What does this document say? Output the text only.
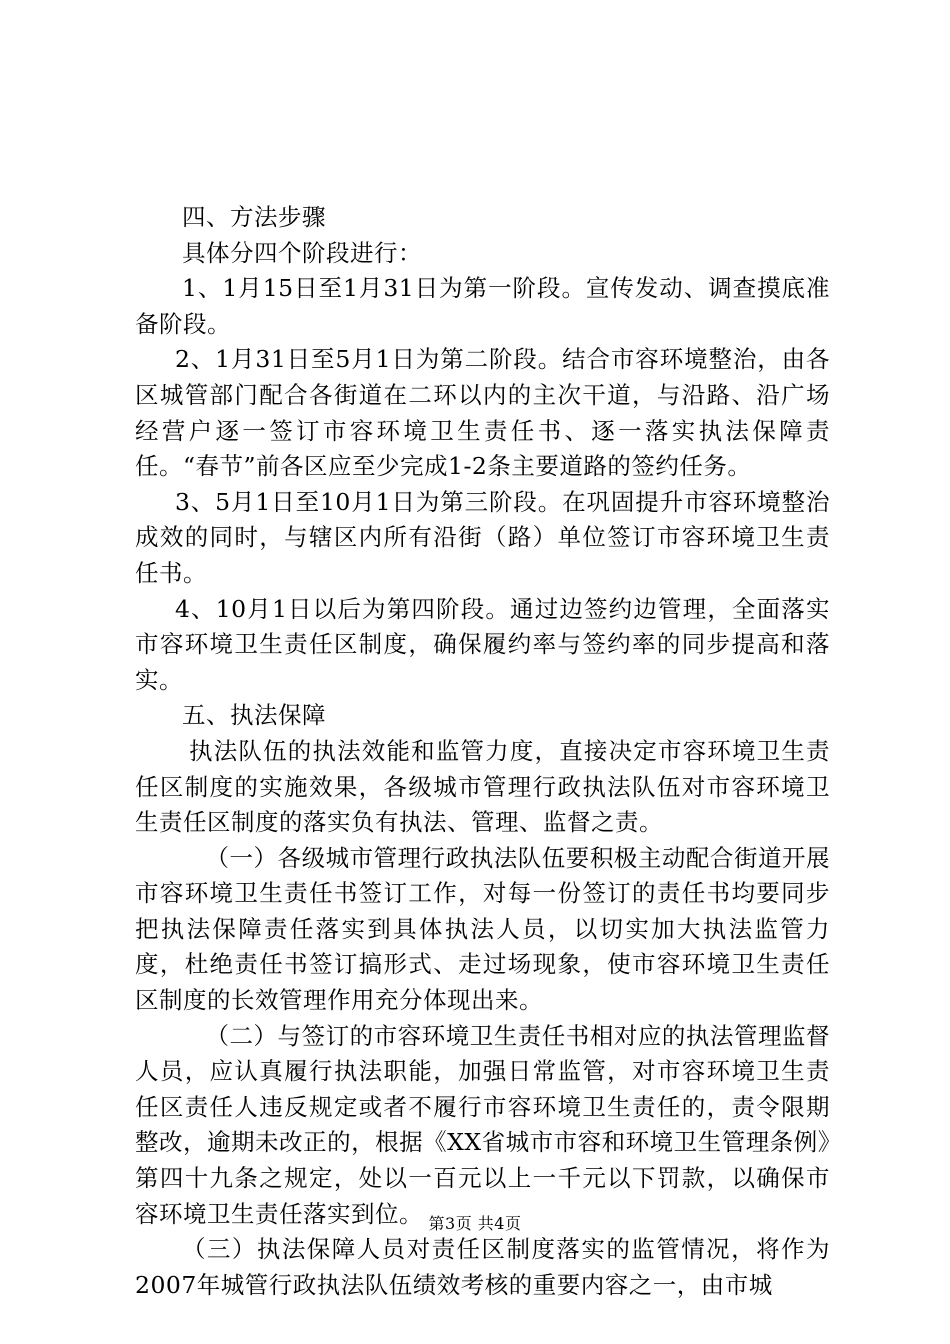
四、方法步骤

具体分四个阶段进行：

1、1月15日至1月31日为第一阶段。宣传发动、调查摸底准备阶段。

2、1月31日至5月1日为第二阶段。结合市容环境整治，由各区城管部门配合各街道在二环以内的主次干道，与沿路、沿广场经营户逐一签订市容环境卫生责任书、逐一落实执法保障责任。“春节”前各区应至少完成1-2条主要道路的签约任务。

3、5月1日至10月1日为第三阶段。在巩固提升市容环境整治成效的同时，与辖区内所有沿街（路）单位签订市容环境卫生责任书。

4、10月1日以后为第四阶段。通过边签约边管理，全面落实市容环境卫生责任区制度，确保履约率与签约率的同步提高和落实。

五、执法保障

执法队伍的执法效能和监管力度，直接决定市容环境卫生责任区制度的实施效果，各级城市管理行政执法队伍对市容环境卫生责任区制度的落实负有执法、管理、监督之责。

（一）各级城市管理行政执法队伍要积极主动配合街道开展市容环境卫生责任书签订工作，对每一份签订的责任书均要同步把执法保障责任落实到具体执法人员，以切实加大执法监管力度，杜绝责任书签订搞形式、走过场现象，使市容环境卫生责任区制度的长效管理作用充分体现出来。

（二）与签订的市容环境卫生责任书相对应的执法管理监督人员，应认真履行执法职能，加强日常监管，对市容环境卫生责任区责任人违反规定或者不履行市容环境卫生责任的，责令限期整改，逾期未改正的，根据《XX省城市市容和环境卫生管理条例》第四十九条之规定，处以一百元以上一千元以下罚款，以确保市容环境卫生责任落实到位。

（三）执法保障人员对责任区制度落实的监管情况，将作为2007年城管行政执法队伍绩效考核的重要内容之一，由市城

第3页 共4页
